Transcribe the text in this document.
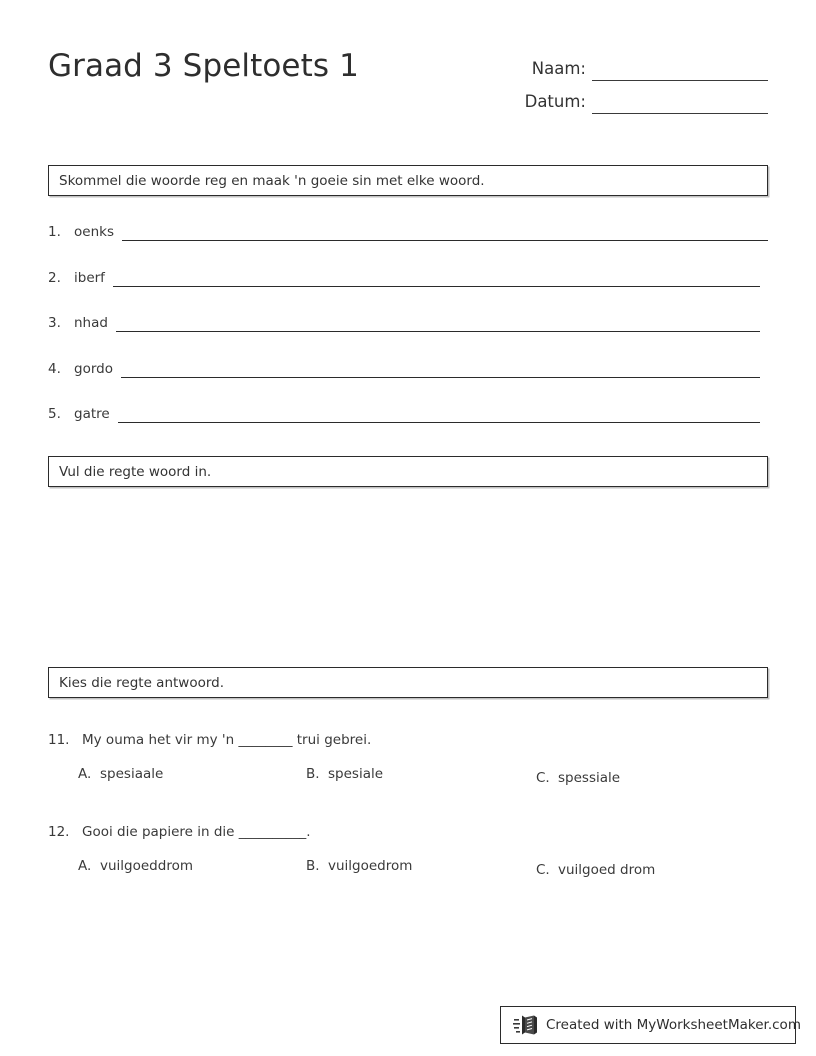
Graad 3 Speltoets 1	Naam:
Datum:
Skommel die woorde reg en maak 'n goeie sin met elke woord.
1. oenks
2. iberf
3. nhad
4. gordo
5. gatre
Vul die regte woord in.
Kies die regte antwoord.
11. My ouma het vir my 'n ________ trui gebrei.
A. spesiaale	B. spesiale	C. spessiale
12. Gooi die papiere in die __________.
A. vuilgoeddrom	B. vuilgoedrom	C. vuilgoed drom
Created with MyWorksheetMaker.com
